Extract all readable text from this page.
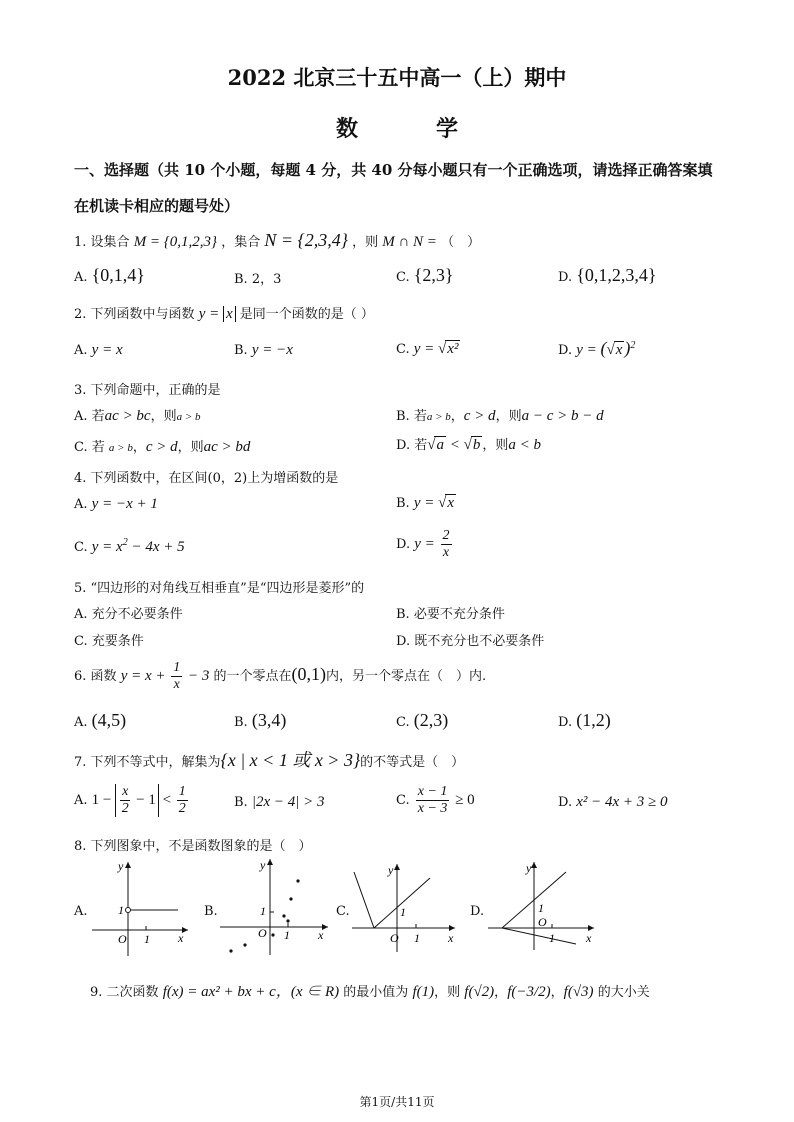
2022 北京三十五中高一（上）期中
数　学
一、选择题（共 10 个小题，每题 4 分，共 40 分每小题只有一个正确选项，请选择正确答案填在机读卡相应的题号处）
1. 设集合 M = {0,1,2,3} ，集合 N = {2,3,4} ，则 M ∩ N = （　）
A. {0,1,4}	B. 2，3	C. {2,3}	D. {0,1,2,3,4}
2. 下列函数中与函数 y = x 是同一个函数的是（ ）
A. y = x	B. y = −x	C. y = √x²	D. y = (√x )$^2$
3. 下列命题中，正确的是
A. 若ac > bc，则a > b	B. 若a > b，c > d，则a − c > b − d
C. 若 a > b，c > d，则ac > bd	D. 若√a < √b ，则a < b
4. 下列函数中，在区间(0，2)上为增函数的是
A. y = −x + 1	B. y = √x
C. $y = x^2 - 4x + 5$	D. $y = \frac{2}{x}$
5. “四边形的对角线互相垂直”是“四边形是菱形”的
A. 充分不必要条件	B. 必要不充分条件
C. 充要条件	D. 既不充分也不必要条件
6. 函数 $y = x + \frac{1}{x} - 3$ 的一个零点在(0,1)内，另一个零点在（　）内.
A. (4,5)	B. (3,4)	C. (2,3)	D. (1,2)
7. 下列不等式中，解集为{x | x < 1 或 x > 3}的不等式是（　）
A. $1 - \frac{x}{2} - 1 < \frac{1}{2}$	B. |2x − 4| > 3	C. $\frac{x - 1}{x - 3} \ge 0$	D. x² − 4x + 3 ≥ 0
8. 下列图象中，不是函数图象的是（　）
A.
y
x
O
1
1
B.
y
x
O
1
1
C.
y
x
O
1
1
D.
y
x
O
1
1
9. 二次函数 f(x) = ax² + bx + c，(x ∈ R) 的最小值为 f(1)，则 f(√2)，f(−3/2)，f(√3) 的大小关
第1页/共11页
